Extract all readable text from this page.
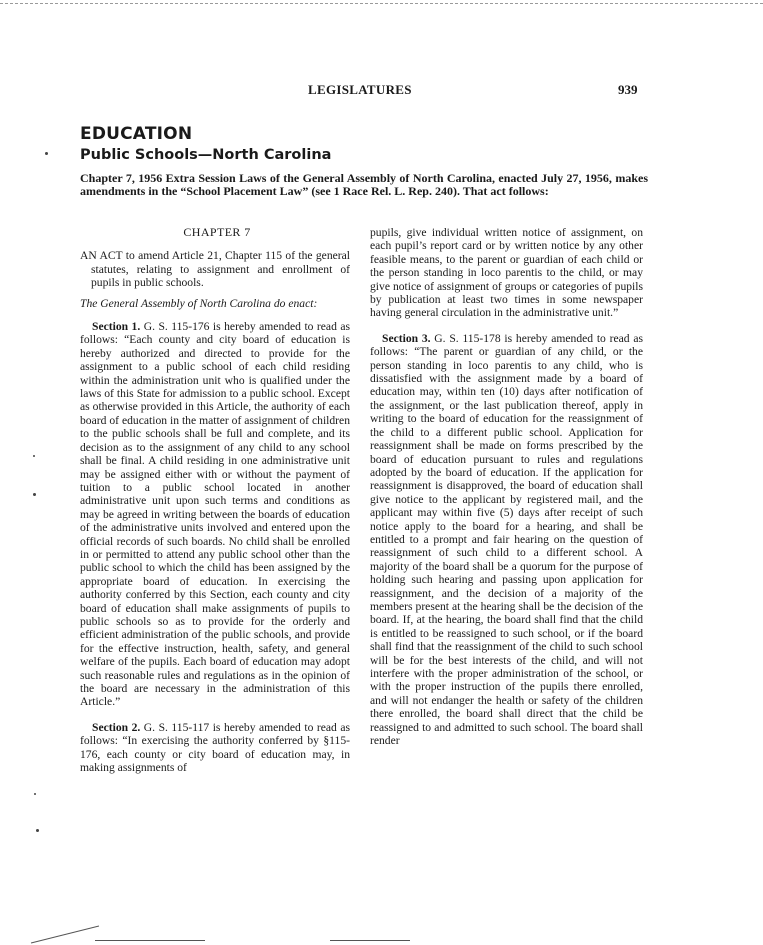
LEGISLATURES	939
EDUCATION
Public Schools—North Carolina
Chapter 7, 1956 Extra Session Laws of the General Assembly of North Carolina, enacted July 27, 1956, makes amendments in the “School Placement Law” (see 1 Race Rel. L. Rep. 240). That act follows:

CHAPTER 7

AN ACT to amend Article 21, Chapter 115 of the general statutes, relating to assignment and enrollment of pupils in public schools.

The General Assembly of North Carolina do enact:

Section 1. G. S. 115-176 is hereby amended to read as follows: “Each county and city board of education is hereby authorized and directed to provide for the assignment to a public school of each child residing within the administration unit who is qualified under the laws of this State for admission to a public school. Except as otherwise provided in this Article, the authority of each board of education in the matter of assignment of children to the public schools shall be full and complete, and its decision as to the assignment of any child to any school shall be final. A child residing in one administrative unit may be assigned either with or without the payment of tuition to a public school located in another administrative unit upon such terms and conditions as may be agreed in writing between the boards of education of the administrative units involved and entered upon the official records of such boards. No child shall be enrolled in or permitted to attend any public school other than the public school to which the child has been assigned by the appropriate board of education. In exercising the authority conferred by this Section, each county and city board of education shall make assignments of pupils to public schools so as to provide for the orderly and efficient administration of the public schools, and provide for the effective instruction, health, safety, and general welfare of the pupils. Each board of education may adopt such reasonable rules and regulations as in the opinion of the board are necessary in the administration of this Article.”

Section 2. G. S. 115-117 is hereby amended to read as follows: “In exercising the authority conferred by §115-176, each county or city board of education may, in making assignments of

pupils, give individual written notice of assignment, on each pupil’s report card or by written notice by any other feasible means, to the parent or guardian of each child or the person standing in loco parentis to the child, or may give notice of assignment of groups or categories of pupils by publication at least two times in some newspaper having general circulation in the administrative unit.”

Section 3. G. S. 115-178 is hereby amended to read as follows: “The parent or guardian of any child, or the person standing in loco parentis to any child, who is dissatisfied with the assignment made by a board of education may, within ten (10) days after notification of the assignment, or the last publication thereof, apply in writing to the board of education for the reassignment of the child to a different public school. Application for reassignment shall be made on forms prescribed by the board of education pursuant to rules and regulations adopted by the board of education. If the application for reassignment is disapproved, the board of education shall give notice to the applicant by registered mail, and the applicant may within five (5) days after receipt of such notice apply to the board for a hearing, and shall be entitled to a prompt and fair hearing on the question of reassignment of such child to a different school. A majority of the board shall be a quorum for the purpose of holding such hearing and passing upon application for reassignment, and the decision of a majority of the members present at the hearing shall be the decision of the board. If, at the hearing, the board shall find that the child is entitled to be reassigned to such school, or if the board shall find that the reassignment of the child to such school will be for the best interests of the child, and will not interfere with the proper administration of the school, or with the proper instruction of the pupils there enrolled, and will not endanger the health or safety of the children there enrolled, the board shall direct that the child be reassigned to and admitted to such school. The board shall render
